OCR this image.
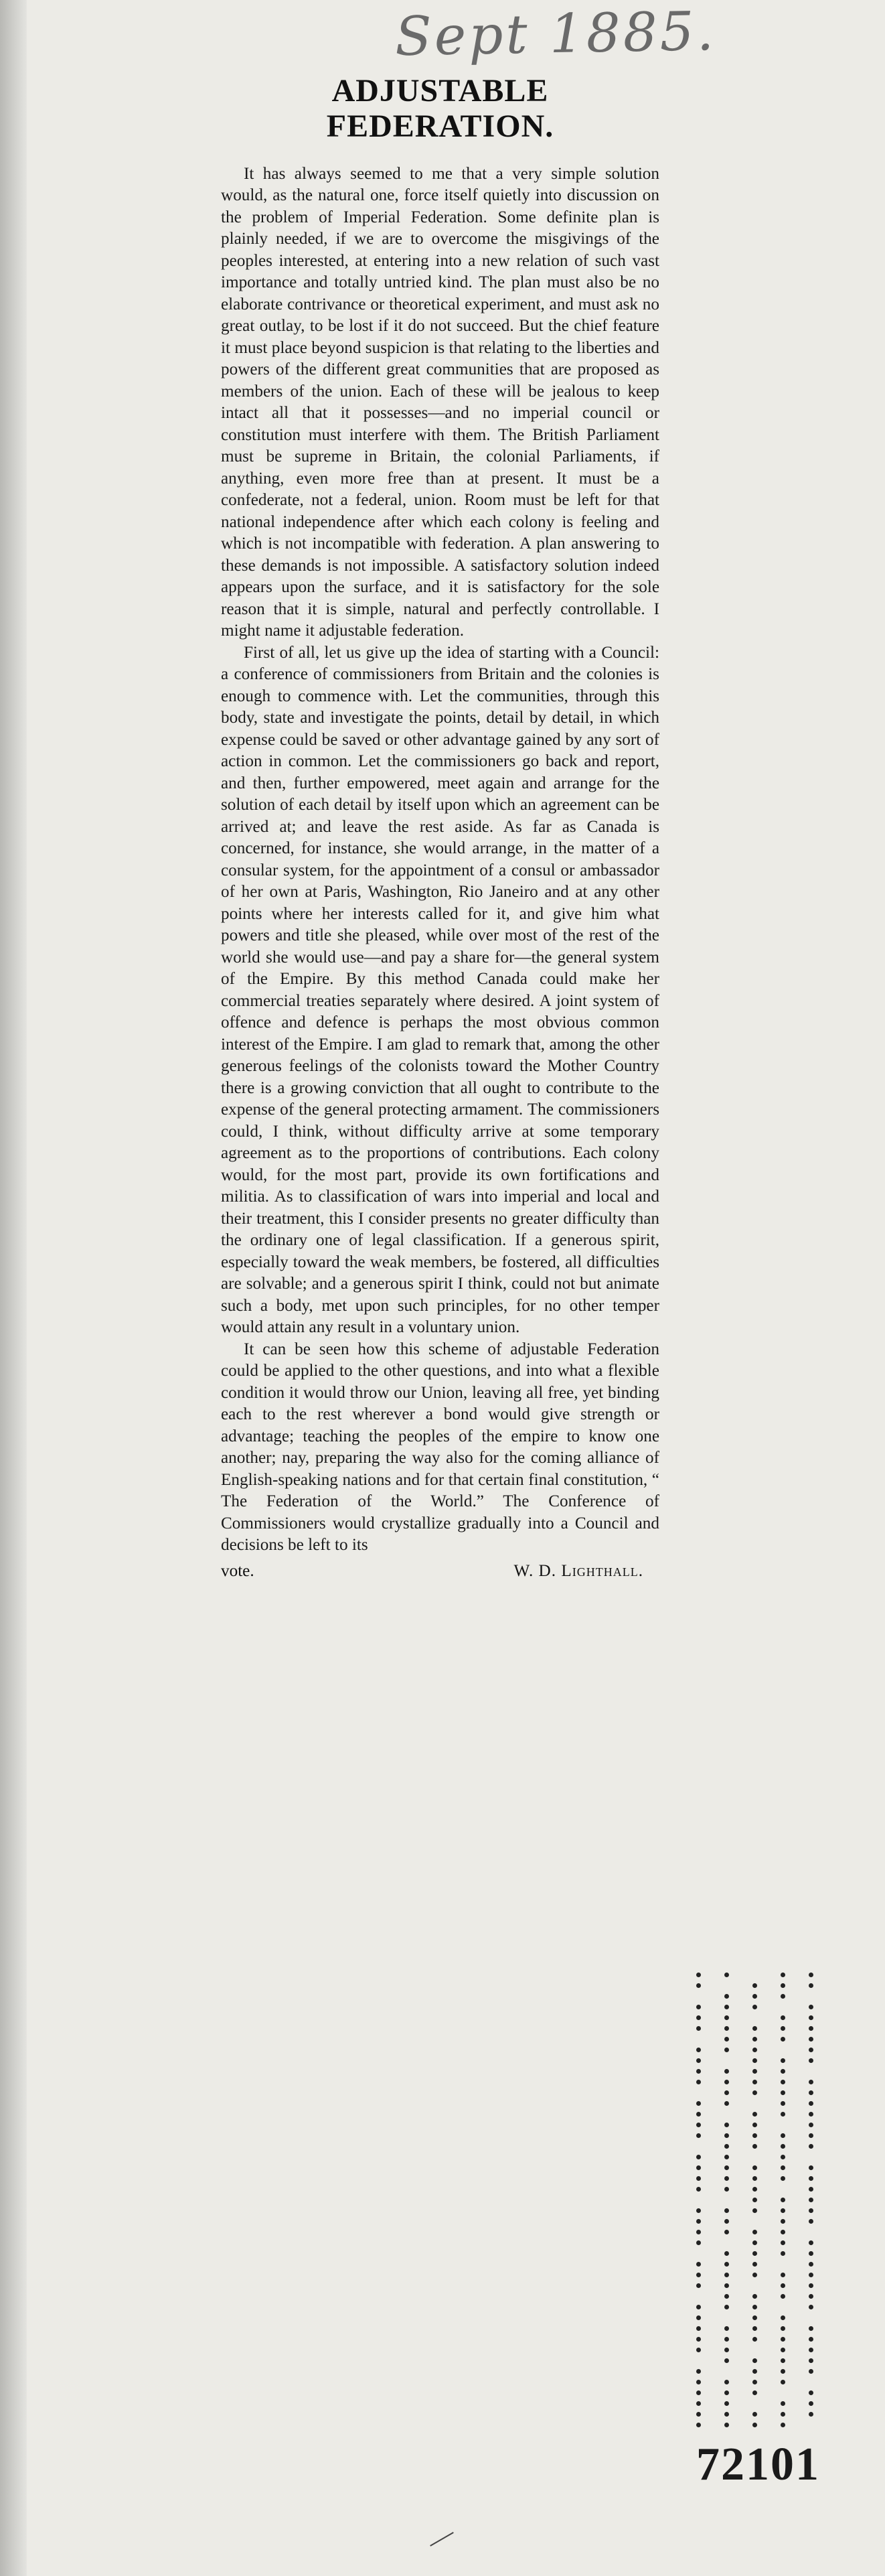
Sept 1885.
ADJUSTABLE FEDERATION.

It has always seemed to me that a very simple solution would, as the natural one, force itself quietly into discussion on the problem of Imperial Federation. Some definite plan is plainly needed, if we are to overcome the misgivings of the peoples interested, at entering into a new relation of such vast importance and totally untried kind. The plan must also be no elaborate contrivance or theoretical experiment, and must ask no great outlay, to be lost if it do not succeed. But the chief feature it must place beyond suspicion is that relating to the liberties and powers of the different great communities that are proposed as members of the union. Each of these will be jealous to keep intact all that it possesses—and no imperial council or constitution must interfere with them. The British Parliament must be supreme in Britain, the colonial Parliaments, if anything, even more free than at present. It must be a confederate, not a federal, union. Room must be left for that national independence after which each colony is feeling and which is not incompatible with federation. A plan answering to these demands is not impossible. A satisfactory solution indeed appears upon the surface, and it is satisfactory for the sole reason that it is simple, natural and perfectly controllable. I might name it adjustable federation.

First of all, let us give up the idea of starting with a Council: a conference of commissioners from Britain and the colonies is enough to commence with. Let the communities, through this body, state and investigate the points, detail by detail, in which expense could be saved or other advantage gained by any sort of action in common. Let the commissioners go back and report, and then, further empowered, meet again and arrange for the solution of each detail by itself upon which an agreement can be arrived at; and leave the rest aside. As far as Canada is concerned, for instance, she would arrange, in the matter of a consular system, for the appointment of a consul or ambassador of her own at Paris, Washington, Rio Janeiro and at any other points where her interests called for it, and give him what powers and title she pleased, while over most of the rest of the world she would use—and pay a share for—the general system of the Empire. By this method Canada could make her commercial treaties separately where desired. A joint system of offence and defence is perhaps the most obvious common interest of the Empire. I am glad to remark that, among the other generous feelings of the colonists toward the Mother Country there is a growing conviction that all ought to contribute to the expense of the general protecting armament. The commissioners could, I think, without difficulty arrive at some temporary agreement as to the proportions of contributions. Each colony would, for the most part, provide its own fortifications and militia. As to classification of wars into imperial and local and their treatment, this I consider presents no greater difficulty than the ordinary one of legal classification. If a generous spirit, especially toward the weak members, be fostered, all difficulties are solvable; and a generous spirit I think, could not but animate such a body, met upon such principles, for no other temper would attain any result in a voluntary union.

It can be seen how this scheme of adjustable Federation could be applied to the other questions, and into what a flexible condition it would throw our Union, leaving all free, yet binding each to the rest wherever a bond would give strength or advantage; teaching the peoples of the empire to know one another; nay, preparing the way also for the coming alliance of English-speaking nations and for that certain final constitution, “ The Federation of the World.” The Conference of Commissioners would crystallize gradually into a Council and decisions be left to its

vote.	W. D. Lighthall.
72101
